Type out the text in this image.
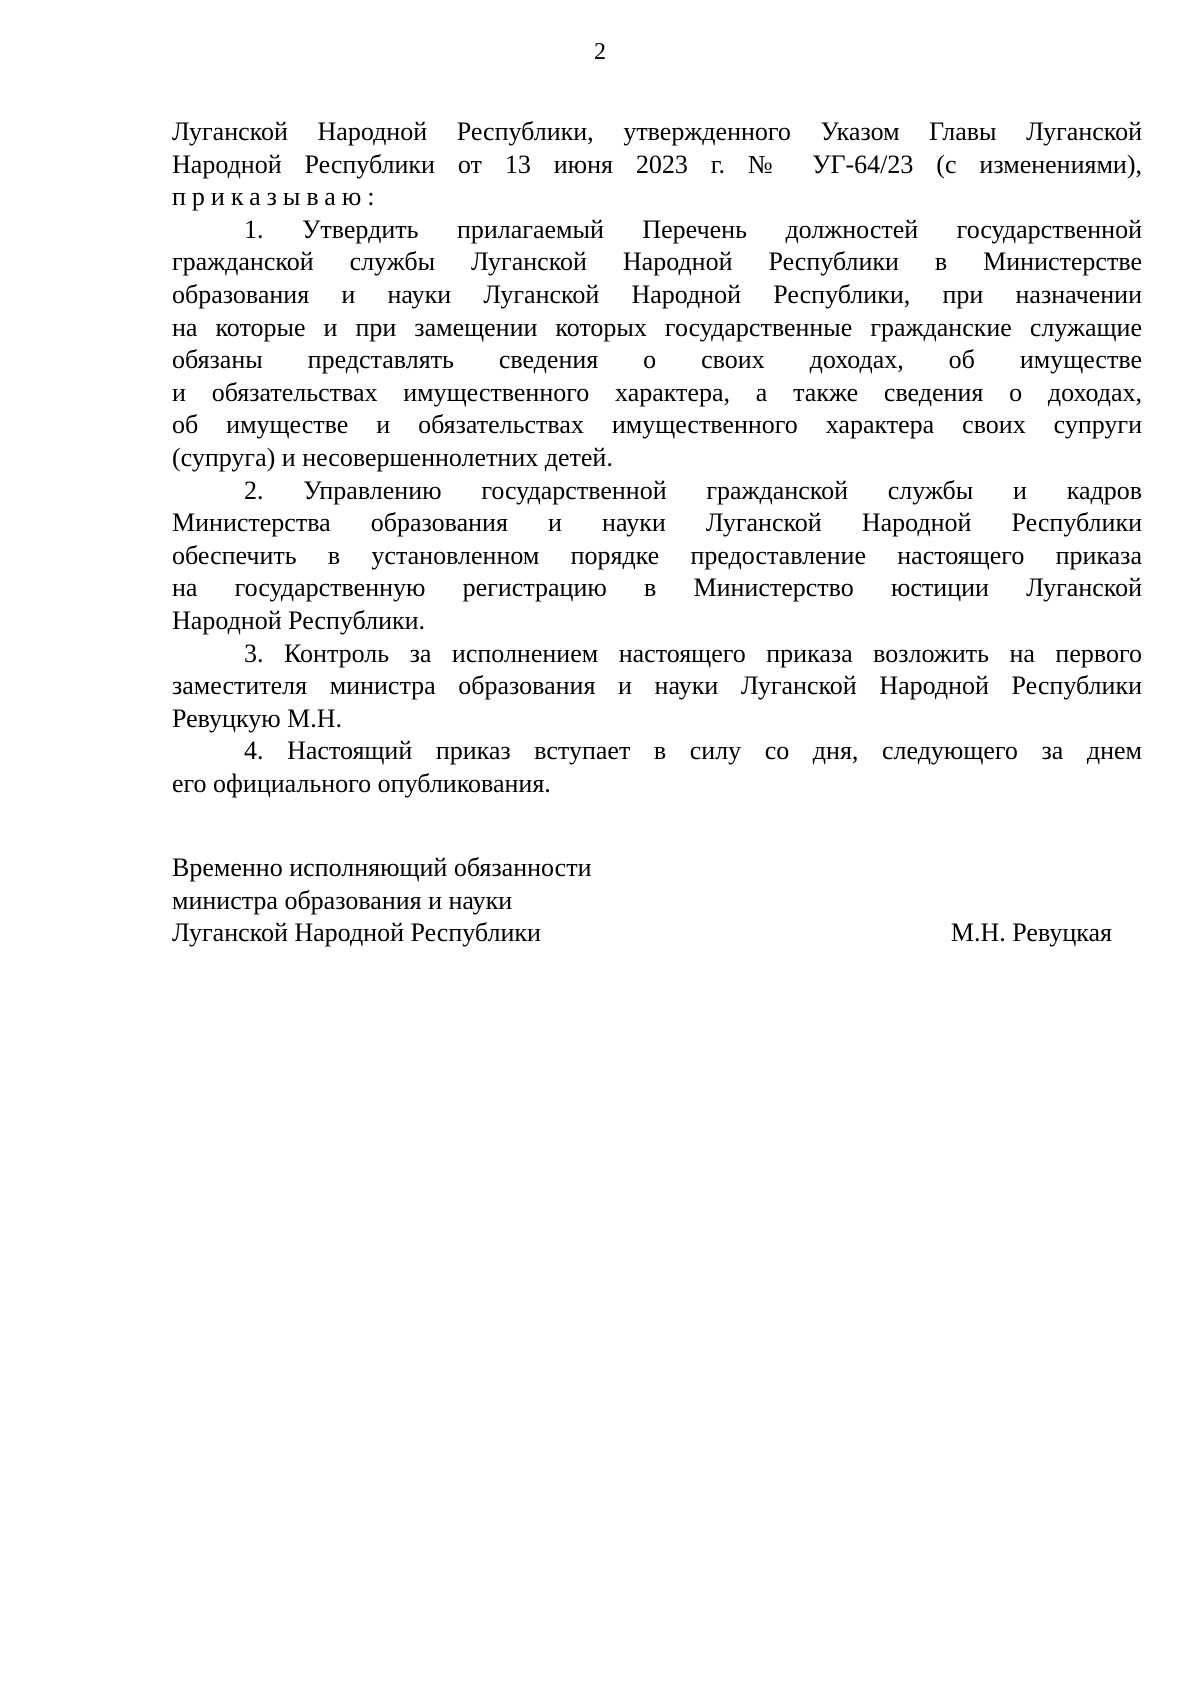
2
Луганской Народной Республики, утвержденного Указом Главы Луганской
Народной Республики от 13 июня 2023 г. № УГ-64/23 (с изменениями),
приказываю:
1. Утвердить прилагаемый Перечень должностей государственной
гражданской службы Луганской Народной Республики в Министерстве
образования и науки Луганской Народной Республики, при назначении
на которые и при замещении которых государственные гражданские служащие
обязаны представлять сведения о своих доходах, об имуществе
и обязательствах имущественного характера, а также сведения о доходах,
об имуществе и обязательствах имущественного характера своих супруги
(супруга) и несовершеннолетних детей.
2. Управлению государственной гражданской службы и кадров
Министерства образования и науки Луганской Народной Республики
обеспечить в установленном порядке предоставление настоящего приказа
на государственную регистрацию в Министерство юстиции Луганской
Народной Республики.
3. Контроль за исполнением настоящего приказа возложить на первого
заместителя министра образования и науки Луганской Народной Республики
Ревуцкую М.Н.
4. Настоящий приказ вступает в силу со дня, следующего за днем
его официального опубликования.
Временно исполняющий обязанности
министра образования и науки
Луганской Народной Республики	М.Н. Ревуцкая
